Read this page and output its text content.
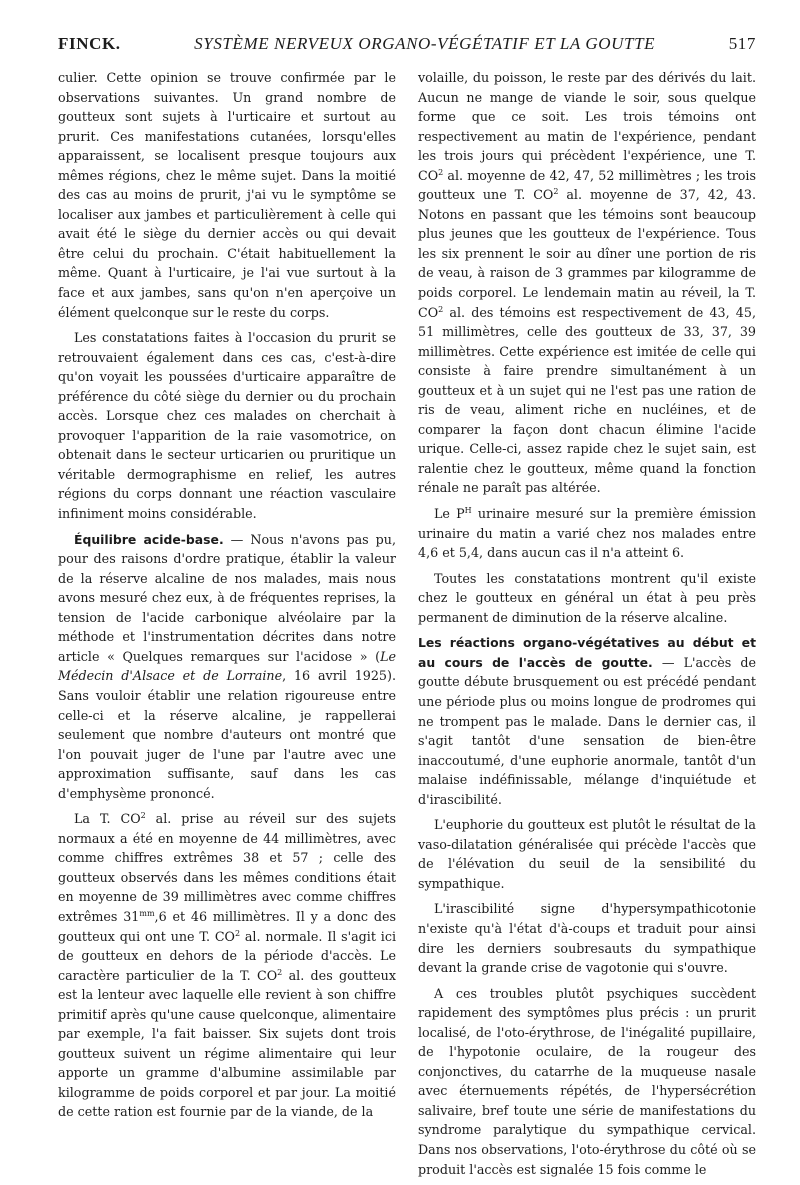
FINCK.	SYSTÈME NERVEUX ORGANO-VÉGÉTATIF ET LA GOUTTE	517

culier. Cette opinion se trouve confirmée par le observations suivantes. Un grand nombre de goutteux sont sujets à l'urticaire et surtout au prurit. Ces manifestations cutanées, lorsqu'elles apparaissent, se localisent presque toujours aux mêmes régions, chez le même sujet. Dans la moitié des cas au moins de prurit, j'ai vu le symptôme se localiser aux jambes et particulièrement à celle qui avait été le siège du dernier accès ou qui devait être celui du prochain. C'était habituellement la même. Quant à l'urticaire, je l'ai vue surtout à la face et aux jambes, sans qu'on n'en aperçoive un élément quelconque sur le reste du corps.

Les constatations faites à l'occasion du prurit se retrouvaient également dans ces cas, c'est-à-dire qu'on voyait les poussées d'urticaire apparaître de préférence du côté siège du dernier ou du prochain accès. Lorsque chez ces malades on cherchait à provoquer l'apparition de la raie vasomotrice, on obtenait dans le secteur urticarien ou pruritique un véritable dermographisme en relief, les autres régions du corps donnant une réaction vasculaire infiniment moins considérable.

Équilibre acide-base. — Nous n'avons pas pu, pour des raisons d'ordre pratique, établir la valeur de la réserve alcaline de nos malades, mais nous avons mesuré chez eux, à de fréquentes reprises, la tension de l'acide carbonique alvéolaire par la méthode et l'instrumentation décrites dans notre article « Quelques remarques sur l'acidose » (Le Médecin d'Alsace et de Lorraine, 16 avril 1925). Sans vouloir établir une relation rigoureuse entre celle-ci et la réserve alcaline, je rappellerai seulement que nombre d'auteurs ont montré que l'on pouvait juger de l'une par l'autre avec une approximation suffisante, sauf dans les cas d'emphysème prononcé.

La T. $CO^2$ al. prise au réveil sur des sujets normaux a été en moyenne de 44 millimètres, avec comme chiffres extrêmes 38 et 57 ; celle des goutteux observés dans les mêmes conditions était en moyenne de 39 millimètres avec comme chiffres extrêmes $31^{mm},6$ et 46 millimètres. Il y a donc des goutteux qui ont une T. $CO^2$ al. normale. Il s'agit ici de goutteux en dehors de la période d'accès. Le caractère particulier de la T. $CO^2$ al. des goutteux est la lenteur avec laquelle elle revient à son chiffre primitif après qu'une cause quelconque, alimentaire par exemple, l'a fait baisser. Six sujets dont trois goutteux suivent un régime alimentaire qui leur apporte un gramme d'albumine assimilable par kilogramme de poids corporel et par jour. La moitié de cette ration est fournie par de la viande, de la

volaille, du poisson, le reste par des dérivés du lait. Aucun ne mange de viande le soir, sous quelque forme que ce soit. Les trois témoins ont respectivement au matin de l'expérience, pendant les trois jours qui précèdent l'expérience, une T. $CO^2$ al. moyenne de 42, 47, 52 millimètres ; les trois goutteux une T. $CO^2$ al. moyenne de 37, 42, 43. Notons en passant que les témoins sont beaucoup plus jeunes que les goutteux de l'expérience. Tous les six prennent le soir au dîner une portion de ris de veau, à raison de 3 grammes par kilogramme de poids corporel. Le lendemain matin au réveil, la T. $CO^2$ al. des témoins est respectivement de 43, 45, 51 millimètres, celle des goutteux de 33, 37, 39 millimètres. Cette expérience est imitée de celle qui consiste à faire prendre simultanément à un goutteux et à un sujet qui ne l'est pas une ration de ris de veau, aliment riche en nucléines, et de comparer la façon dont chacun élimine l'acide urique. Celle-ci, assez rapide chez le sujet sain, est ralentie chez le goutteux, même quand la fonction rénale ne paraît pas altérée.

Le $P^H$ urinaire mesuré sur la première émission urinaire du matin a varié chez nos malades entre 4,6 et 5,4, dans aucun cas il n'a atteint 6.

Toutes les constatations montrent qu'il existe chez le goutteux en général un état à peu près permanent de diminution de la réserve alcaline.

Les réactions organo-végétatives au début et au cours de l'accès de goutte. — L'accès de goutte débute brusquement ou est précédé pendant une période plus ou moins longue de prodromes qui ne trompent pas le malade. Dans le dernier cas, il s'agit tantôt d'une sensation de bien-être inaccoutumé, d'une euphorie anormale, tantôt d'un malaise indéfinissable, mélange d'inquiétude et d'irascibilité.

L'euphorie du goutteux est plutôt le résultat de la vaso-dilatation généralisée qui précède l'accès que de l'élévation du seuil de la sensibilité du sympathique.

L'irascibilité signe d'hypersympathicotonie n'existe qu'à l'état d'à-coups et traduit pour ainsi dire les derniers soubresauts du sympathique devant la grande crise de vagotonie qui s'ouvre.

A ces troubles plutôt psychiques succèdent rapidement des symptômes plus précis : un prurit localisé, de l'oto-érythrose, de l'inégalité pupillaire, de l'hypotonie oculaire, de la rougeur des conjonctives, du catarrhe de la muqueuse nasale avec éternuements répétés, de l'hypersécrétion salivaire, bref toute une série de manifestations du syndrome paralytique du sympathique cervical. Dans nos observations, l'oto-érythrose du côté où se produit l'accès est signalée 15 fois comme le
